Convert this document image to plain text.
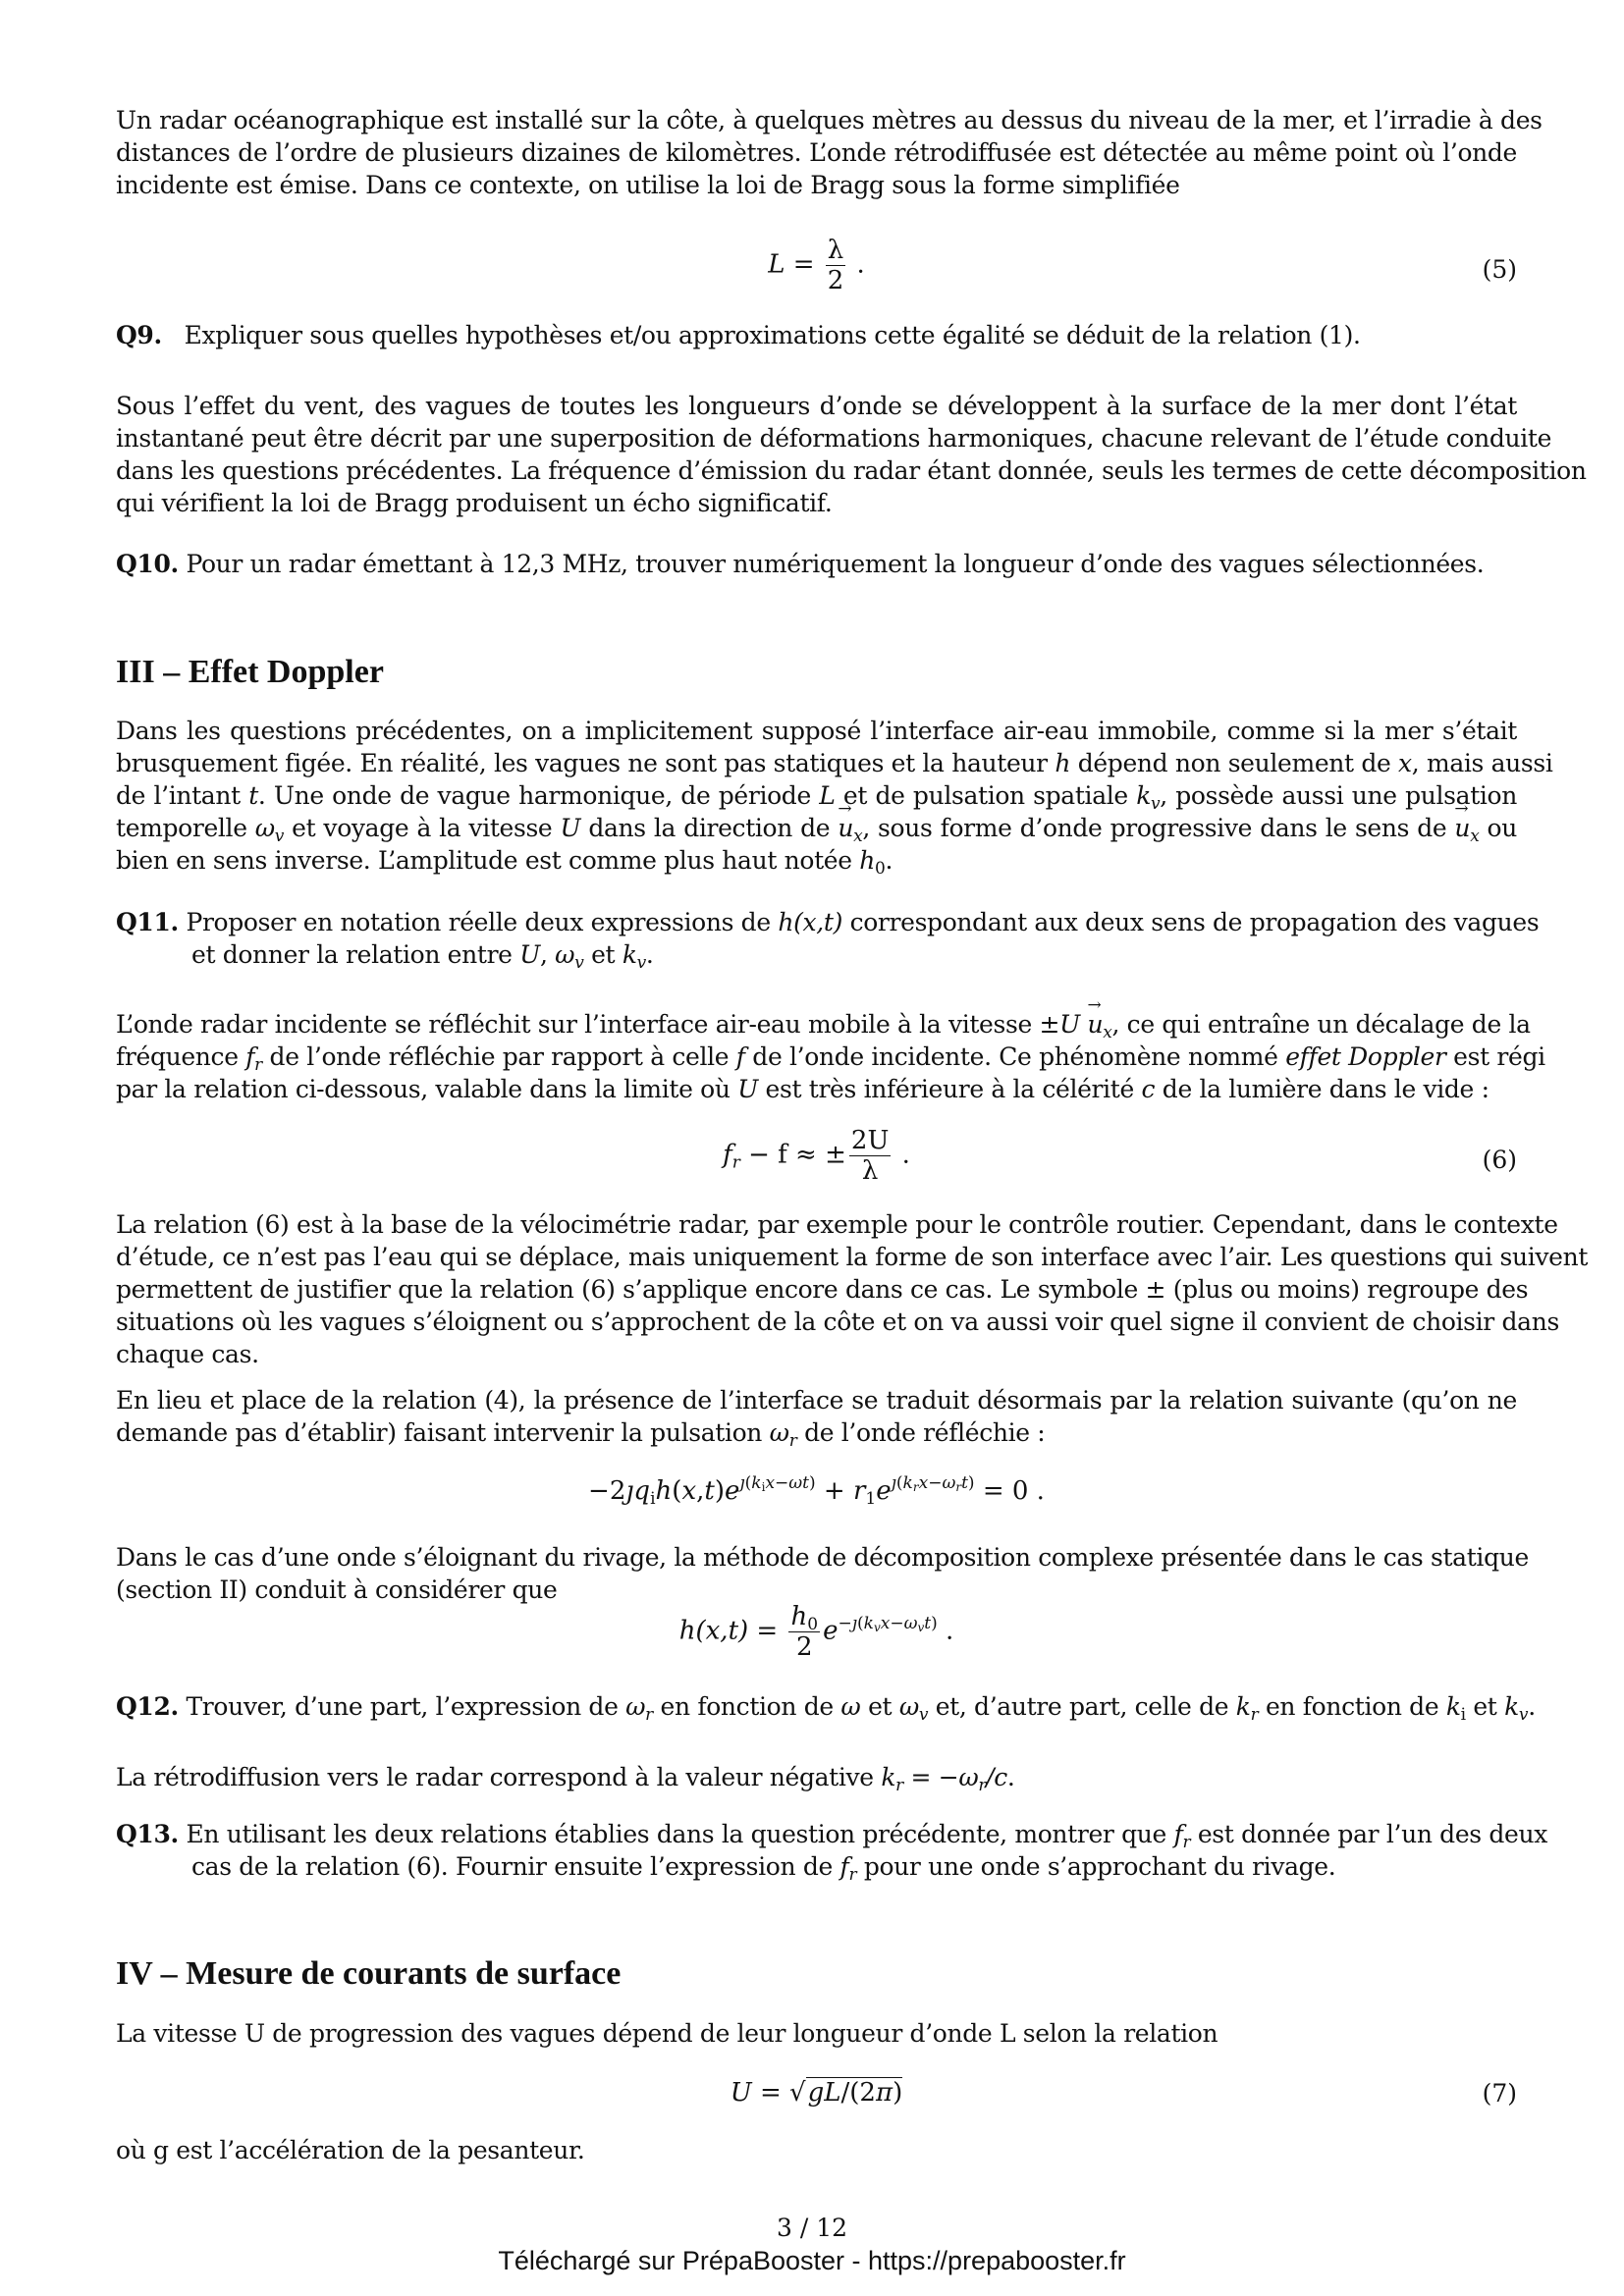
Un radar océanographique est installé sur la côte, à quelques mètres au dessus du niveau de la mer, et l’irradie à des
distances de l’ordre de plusieurs dizaines de kilomètres. L’onde rétrodiffusée est détectée au même point où l’onde
incidente est émise. Dans ce contexte, on utilise la loi de Bragg sous la forme simplifiée
$L = \frac{\lambda}{2}$ .	(5)
Q9. Expliquer sous quelles hypothèses et/ou approximations cette égalité se déduit de la relation (1).
Sous l’effet du vent, des vagues de toutes les longueurs d’onde se développent à la surface de la mer dont l’état
instantané peut être décrit par une superposition de déformations harmoniques, chacune relevant de l’étude conduite
dans les questions précédentes. La fréquence d’émission du radar étant donnée, seuls les termes de cette décomposition
qui vérifient la loi de Bragg produisent un écho significatif.
Q10. Pour un radar émettant à 12,3 MHz, trouver numériquement la longueur d’onde des vagues sélectionnées.
III – Effet Doppler
Dans les questions précédentes, on a implicitement supposé l’interface air-eau immobile, comme si la mer s’était
brusquement figée. En réalité, les vagues ne sont pas statiques et la hauteur h dépend non seulement de x, mais aussi
de l’intant t. Une onde de vague harmonique, de période L et de pulsation spatiale $k_v$, possède aussi une pulsation
temporelle $\omega_v$ et voyage à la vitesse U dans la direction de → $u_x$, sous forme d’onde progressive dans le sens de → $u_x$ ou
bien en sens inverse. L’amplitude est comme plus haut notée $h_0$.
Q11. Proposer en notation réelle deux expressions de h(x,t) correspondant aux deux sens de propagation des vagues
et donner la relation entre U, $\omega_v$ et $k_v$.
L’onde radar incidente se réfléchit sur l’interface air-eau mobile à la vitesse $\pm U \to u_x$, ce qui entraîne un décalage de la
fréquence $f_r$ de l’onde réfléchie par rapport à celle f de l’onde incidente. Ce phénomène nommé effet Doppler est régi
par la relation ci-dessous, valable dans la limite où U est très inférieure à la célérité c de la lumière dans le vide :
$f_r - f$ ≈ ± $\frac{2U}{\lambda}$ .	(6)
La relation (6) est à la base de la vélocimétrie radar, par exemple pour le contrôle routier. Cependant, dans le contexte
d’étude, ce n’est pas l’eau qui se déplace, mais uniquement la forme de son interface avec l’air. Les questions qui suivent
permettent de justifier que la relation (6) s’applique encore dans ce cas. Le symbole ± (plus ou moins) regroupe des
situations où les vagues s’éloignent ou s’approchent de la côte et on va aussi voir quel signe il convient de choisir dans
chaque cas.
En lieu et place de la relation (4), la présence de l’interface se traduit désormais par la relation suivante (qu’on ne
demande pas d’établir) faisant intervenir la pulsation $\omega_r$ de l’onde réfléchie :
$-2ȷq_ih(x,t)e^{ȷ(k_ix-\omega t)} + r_1e^{ȷ(k_rx-\omega_rt)} = 0$ .
Dans le cas d’une onde s’éloignant du rivage, la méthode de décomposition complexe présentée dans le cas statique
(section II) conduit à considérer que
$h(x,t) = \frac{h_0}{2} e^{-ȷ(k_vx-\omega_vt)}$ .
Q12. Trouver, d’une part, l’expression de $\omega_r$ en fonction de ω et $\omega_v$ et, d’autre part, celle de $k_r$ en fonction de $k_i$ et $k_v$.
La rétrodiffusion vers le radar correspond à la valeur négative $k_r = -\omega_r/c$.
Q13. En utilisant les deux relations établies dans la question précédente, montrer que $f_r$ est donnée par l’un des deux
cas de la relation (6). Fournir ensuite l’expression de $f_r$ pour une onde s’approchant du rivage.
IV – Mesure de courants de surface
La vitesse U de progression des vagues dépend de leur longueur d’onde L selon la relation
U = √gL/(2π)	(7)
où g est l’accélération de la pesanteur.
3 / 12
Téléchargé sur PrépaBooster - https://prepabooster.fr
